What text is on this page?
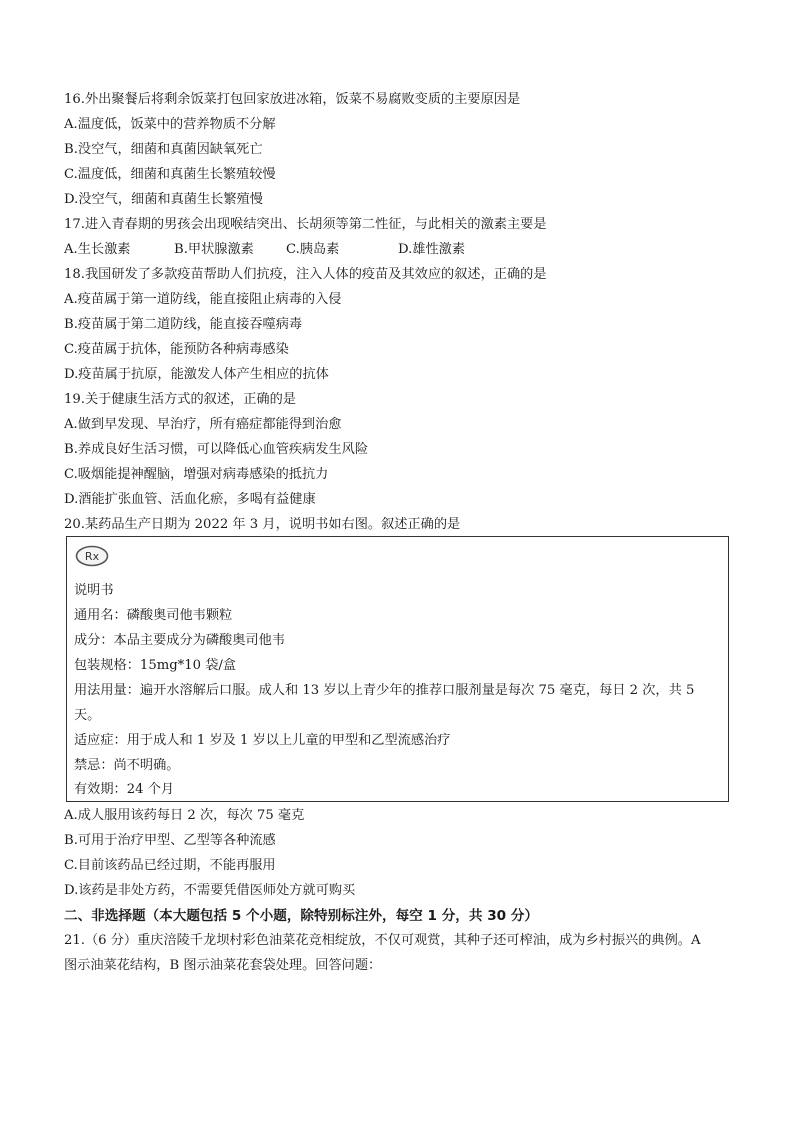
16.外出聚餐后将剩余饭菜打包回家放进冰箱，饭菜不易腐败变质的主要原因是
A.温度低，饭菜中的营养物质不分解
B.没空气，细菌和真菌因缺氧死亡
C.温度低，细菌和真菌生长繁殖较慢
D.没空气，细菌和真菌生长繁殖慢
17.进入青春期的男孩会出现喉结突出、长胡须等第二性征，与此相关的激素主要是
A.生长激素	B.甲状腺激素 C.胰岛素	D.雄性激素
18.我国研发了多款疫苗帮助人们抗疫，注入人体的疫苗及其效应的叙述，正确的是
A.疫苗属于第一道防线，能直接阻止病毒的入侵
B.疫苗属于第二道防线，能直接吞噬病毒
C.疫苗属于抗体，能预防各种病毒感染
D.疫苗属于抗原，能激发人体产生相应的抗体
19.关于健康生活方式的叙述，正确的是
A.做到早发现、早治疗，所有癌症都能得到治愈
B.养成良好生活习惯，可以降低心血管疾病发生风险
C.吸烟能提神醒脑，增强对病毒感染的抵抗力
D.酒能扩张血管、活血化瘀，多喝有益健康
20.某药品生产日期为 2022 年 3 月，说明书如右图。叙述正确的是
Rx
说明书
通用名：磷酸奥司他韦颗粒
成分：本品主要成分为磷酸奥司他韦
包装规格：15mg*10 袋/盒
用法用量：遍开水溶解后口服。成人和 13 岁以上青少年的推荐口服剂量是每次 75 毫克，每日 2 次，共 5
天。
适应症：用于成人和 1 岁及 1 岁以上儿童的甲型和乙型流感治疗
禁忌：尚不明确。
有效期：24 个月
A.成人服用该药每日 2 次，每次 75 毫克
B.可用于治疗甲型、乙型等各种流感
C.目前该药品已经过期，不能再服用
D.该药是非处方药，不需要凭借医师处方就可购买
二、非选择题（本大题包括 5 个小题，除特别标注外，每空 1 分，共 30 分）
21.（6 分）重庆涪陵千龙坝村彩色油菜花竞相绽放，不仅可观赏，其种子还可榨油，成为乡村振兴的典例。A
图示油菜花结构，B 图示油菜花套袋处理。回答问题：
